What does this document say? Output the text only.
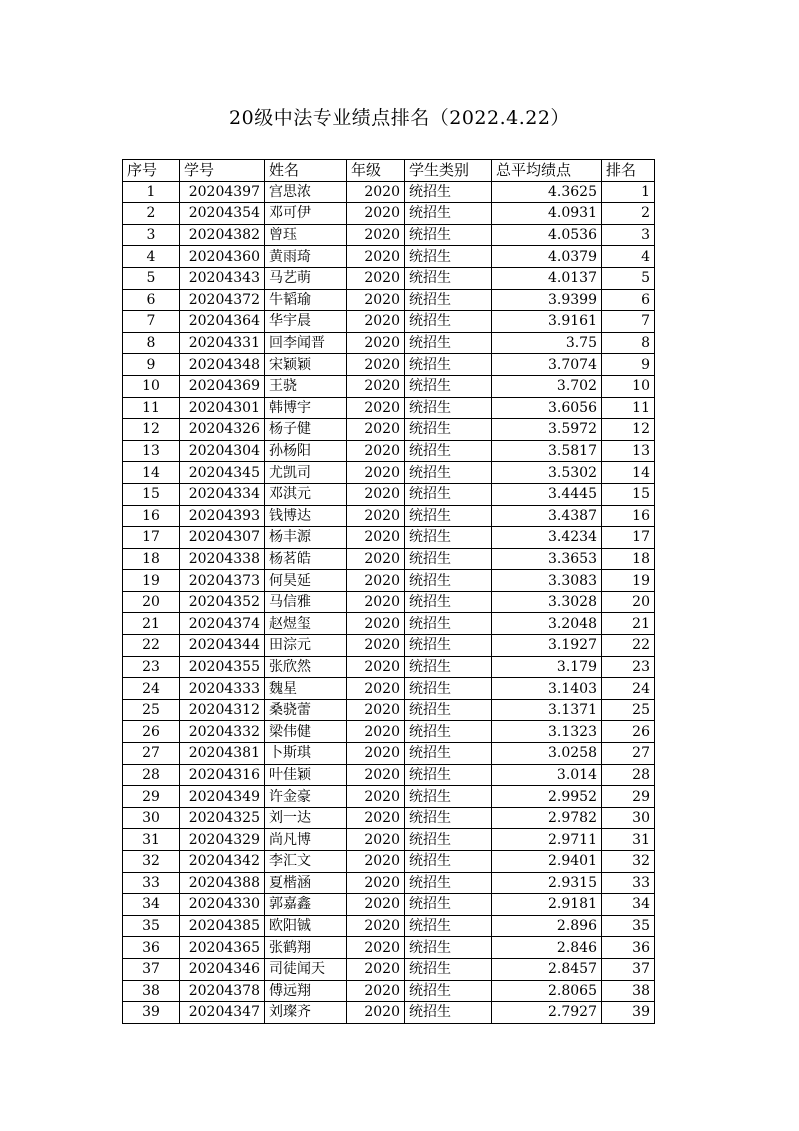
20级中法专业绩点排名（2022.4.22）
序号	学号	姓名	年级	学生类别	总平均绩点	排名
1	20204397	宫思浓	2020	统招生	4.3625	1
2	20204354	邓可伊	2020	统招生	4.0931	2
3	20204382	曾珏	2020	统招生	4.0536	3
4	20204360	黄雨琦	2020	统招生	4.0379	4
5	20204343	马艺萌	2020	统招生	4.0137	5
6	20204372	牛韬瑜	2020	统招生	3.9399	6
7	20204364	华宇晨	2020	统招生	3.9161	7
8	20204331	回李闻晋	2020	统招生	3.75	8
9	20204348	宋颖颖	2020	统招生	3.7074	9
10	20204369	王骁	2020	统招生	3.702	10
11	20204301	韩博宇	2020	统招生	3.6056	11
12	20204326	杨子健	2020	统招生	3.5972	12
13	20204304	孙杨阳	2020	统招生	3.5817	13
14	20204345	尤凯司	2020	统招生	3.5302	14
15	20204334	邓淇元	2020	统招生	3.4445	15
16	20204393	钱博达	2020	统招生	3.4387	16
17	20204307	杨丰源	2020	统招生	3.4234	17
18	20204338	杨茗皓	2020	统招生	3.3653	18
19	20204373	何昊延	2020	统招生	3.3083	19
20	20204352	马信雅	2020	统招生	3.3028	20
21	20204374	赵煜玺	2020	统招生	3.2048	21
22	20204344	田淙元	2020	统招生	3.1927	22
23	20204355	张欣然	2020	统招生	3.179	23
24	20204333	魏星	2020	统招生	3.1403	24
25	20204312	桑骁蕾	2020	统招生	3.1371	25
26	20204332	梁伟健	2020	统招生	3.1323	26
27	20204381	卜斯琪	2020	统招生	3.0258	27
28	20204316	叶佳颖	2020	统招生	3.014	28
29	20204349	许金豪	2020	统招生	2.9952	29
30	20204325	刘一达	2020	统招生	2.9782	30
31	20204329	尚凡博	2020	统招生	2.9711	31
32	20204342	李汇文	2020	统招生	2.9401	32
33	20204388	夏楷涵	2020	统招生	2.9315	33
34	20204330	郭嘉鑫	2020	统招生	2.9181	34
35	20204385	欧阳铖	2020	统招生	2.896	35
36	20204365	张鹤翔	2020	统招生	2.846	36
37	20204346	司徒闻天	2020	统招生	2.8457	37
38	20204378	傅远翔	2020	统招生	2.8065	38
39	20204347	刘璨齐	2020	统招生	2.7927	39
